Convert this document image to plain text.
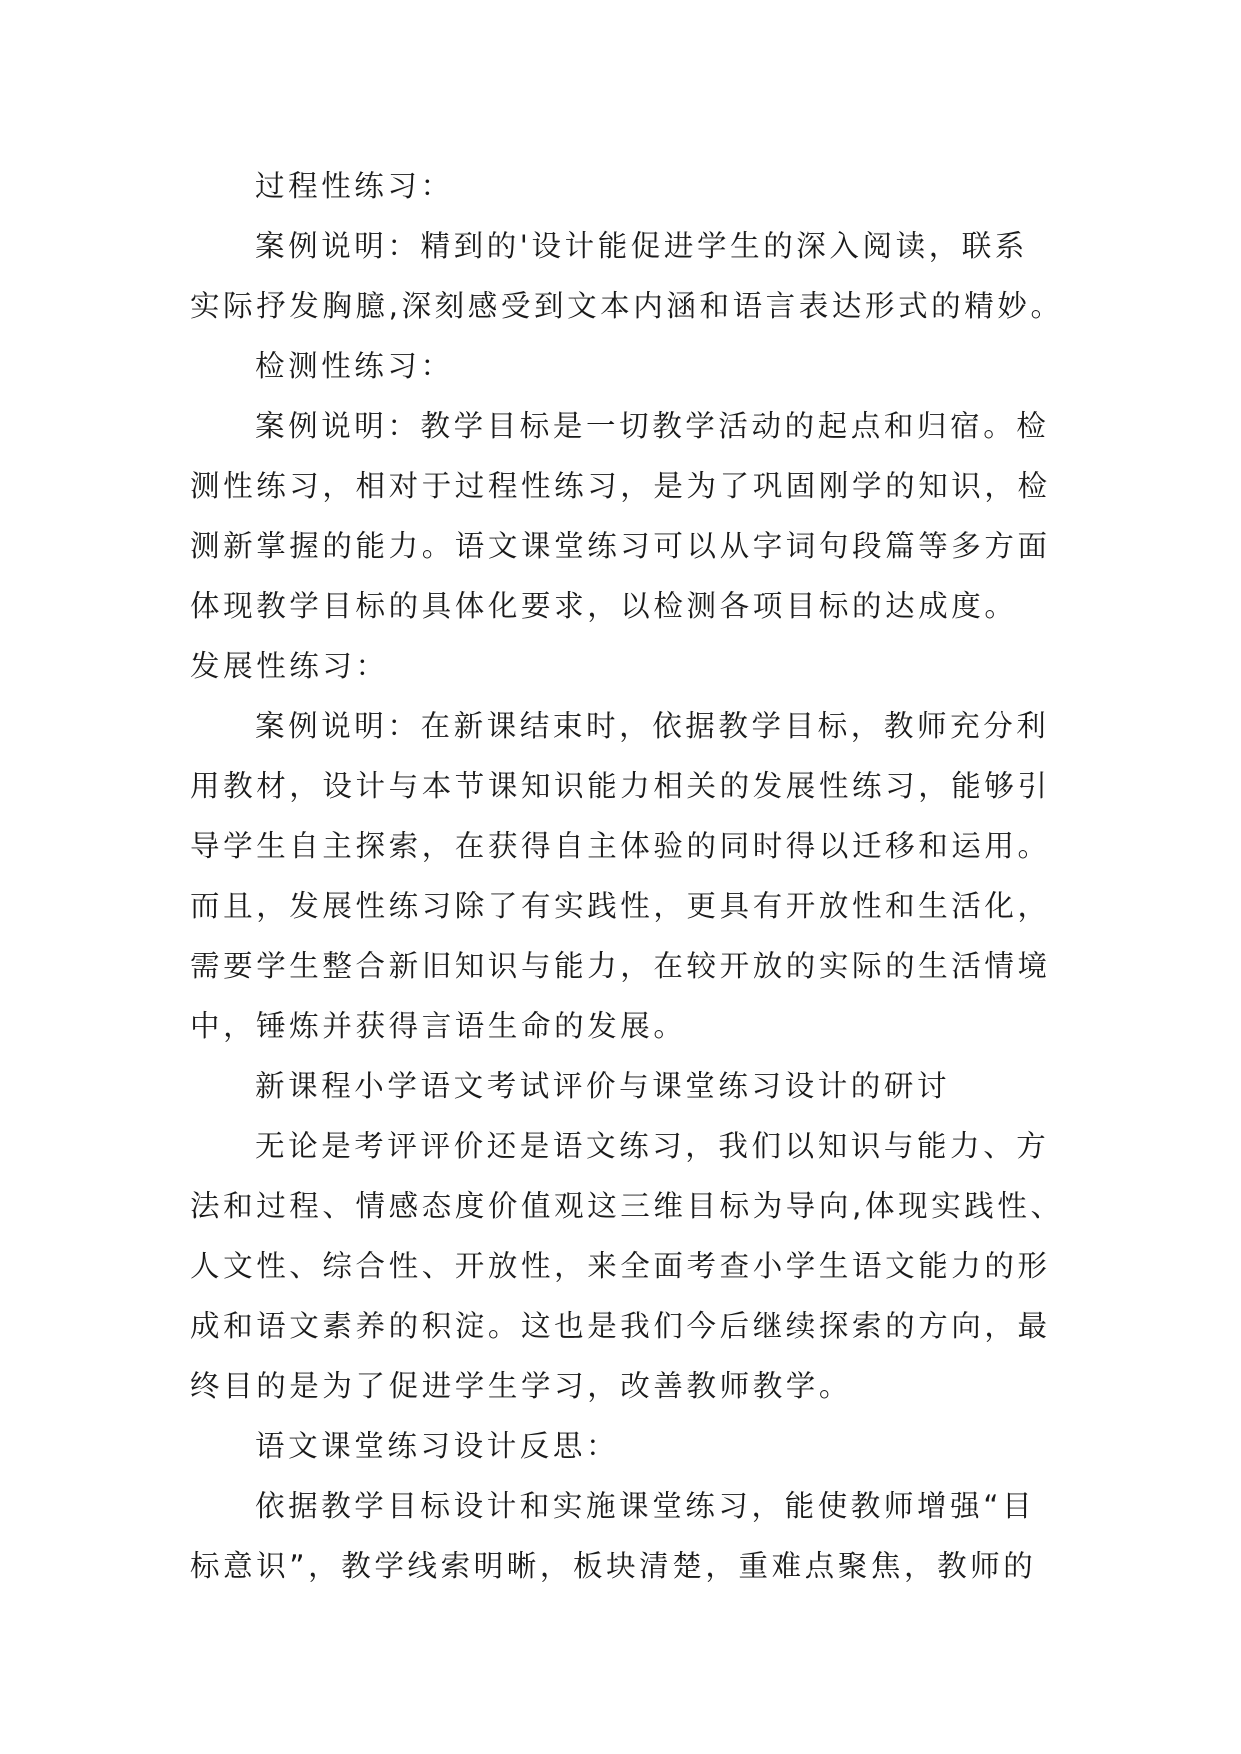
过程性练习：
案例说明：精到的'设计能促进学生的深入阅读，联系
实际抒发胸臆,深刻感受到文本内涵和语言表达形式的精妙。
检测性练习：
案例说明：教学目标是一切教学活动的起点和归宿。检
测性练习，相对于过程性练习，是为了巩固刚学的知识，检
测新掌握的能力。语文课堂练习可以从字词句段篇等多方面
体现教学目标的具体化要求，以检测各项目标的达成度。
发展性练习：
案例说明：在新课结束时，依据教学目标，教师充分利
用教材，设计与本节课知识能力相关的发展性练习，能够引
导学生自主探索，在获得自主体验的同时得以迁移和运用。
而且，发展性练习除了有实践性，更具有开放性和生活化，
需要学生整合新旧知识与能力，在较开放的实际的生活情境
中，锤炼并获得言语生命的发展。
新课程小学语文考试评价与课堂练习设计的研讨
无论是考评评价还是语文练习，我们以知识与能力、方
法和过程、情感态度价值观这三维目标为导向,体现实践性、
人文性、综合性、开放性，来全面考查小学生语文能力的形
成和语文素养的积淀。这也是我们今后继续探索的方向，最
终目的是为了促进学生学习，改善教师教学。
语文课堂练习设计反思：
依据教学目标设计和实施课堂练习，能使教师增强“目
标意识”，教学线索明晰，板块清楚，重难点聚焦，教师的
